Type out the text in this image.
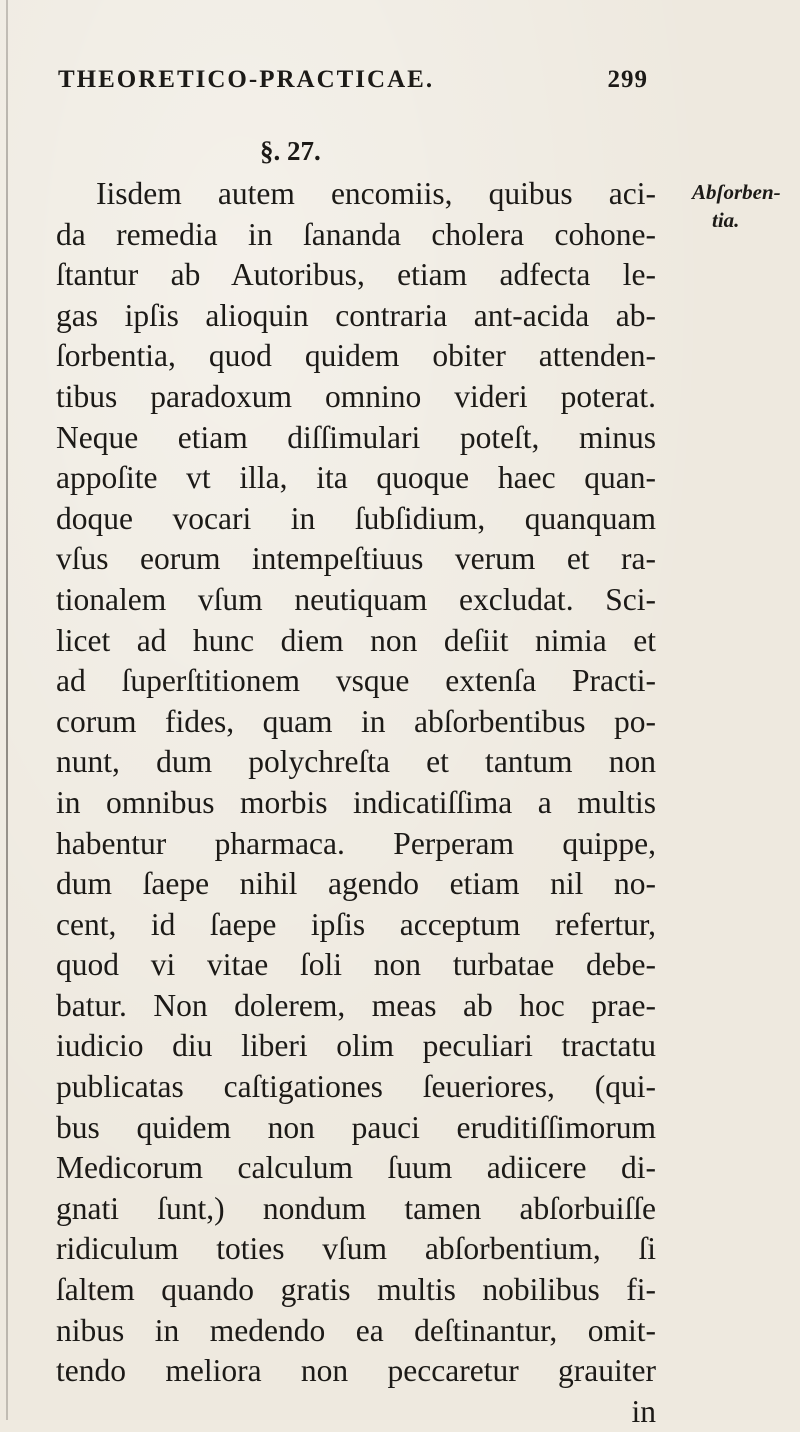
THEORETICO-PRACTICAE.	299
§. 27.
Abſorben-
tia.
Iisdem autem encomiis, quibus aci-
da remedia in ſananda cholera cohone-
ſtantur ab Autoribus, etiam adfecta le-
gas ipſis alioquin contraria ant-acida ab-
ſorbentia, quod quidem obiter attenden-
tibus paradoxum omnino videri poterat.
Neque etiam diſſimulari poteſt, minus
appoſite vt illa, ita quoque haec quan-
doque vocari in ſubſidium, quanquam
vſus eorum intempeſtiuus verum et ra-
tionalem vſum neutiquam excludat. Sci-
licet ad hunc diem non deſiit nimia et
ad ſuperſtitionem vsque extenſa Practi-
corum fides, quam in abſorbentibus po-
nunt, dum polychreſta et tantum non
in omnibus morbis indicatiſſima a multis
habentur pharmaca. Perperam quippe,
dum ſaepe nihil agendo etiam nil no-
cent, id ſaepe ipſis acceptum refertur,
quod vi vitae ſoli non turbatae debe-
batur. Non dolerem, meas ab hoc prae-
iudicio diu liberi olim peculiari tractatu
publicatas caſtigationes ſeueriores, (qui-
bus quidem non pauci eruditiſſimorum
Medicorum calculum ſuum adiicere di-
gnati ſunt,) nondum tamen abſorbuiſſe
ridiculum toties vſum abſorbentium, ſi
ſaltem quando gratis multis nobilibus fi-
nibus in medendo ea deſtinantur, omit-
tendo meliora non peccaretur grauiter
in
